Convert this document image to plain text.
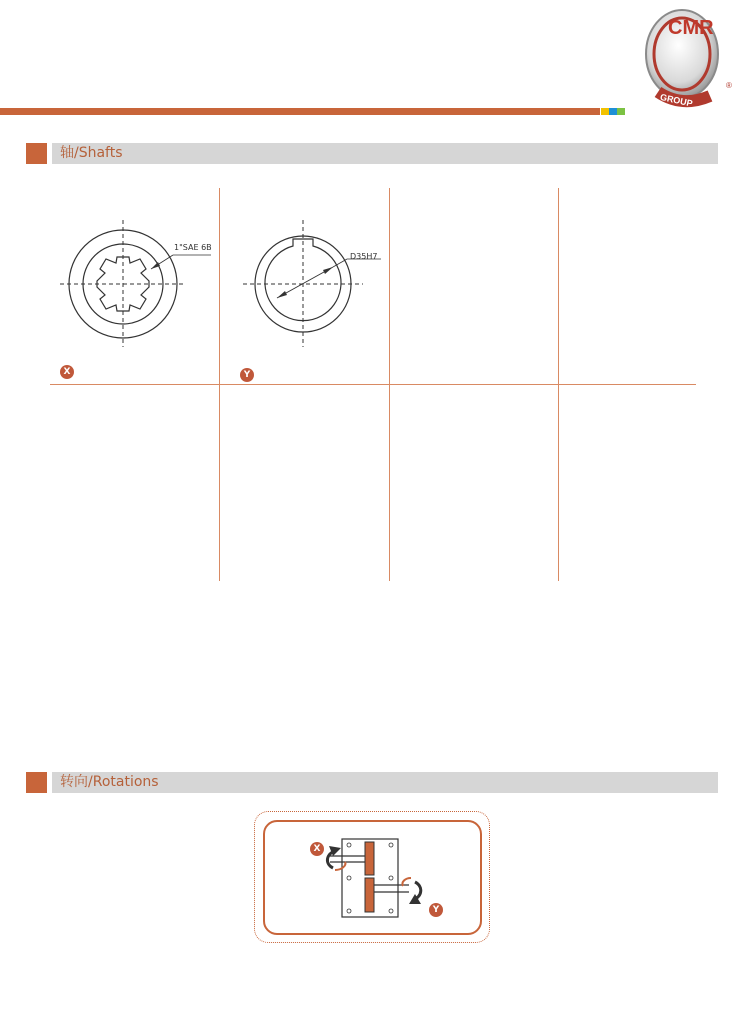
CMR
GROUP
®
轴/Shafts
1"SAE 6B
X
D35H7
Y
转向/Rotations
X
Y
